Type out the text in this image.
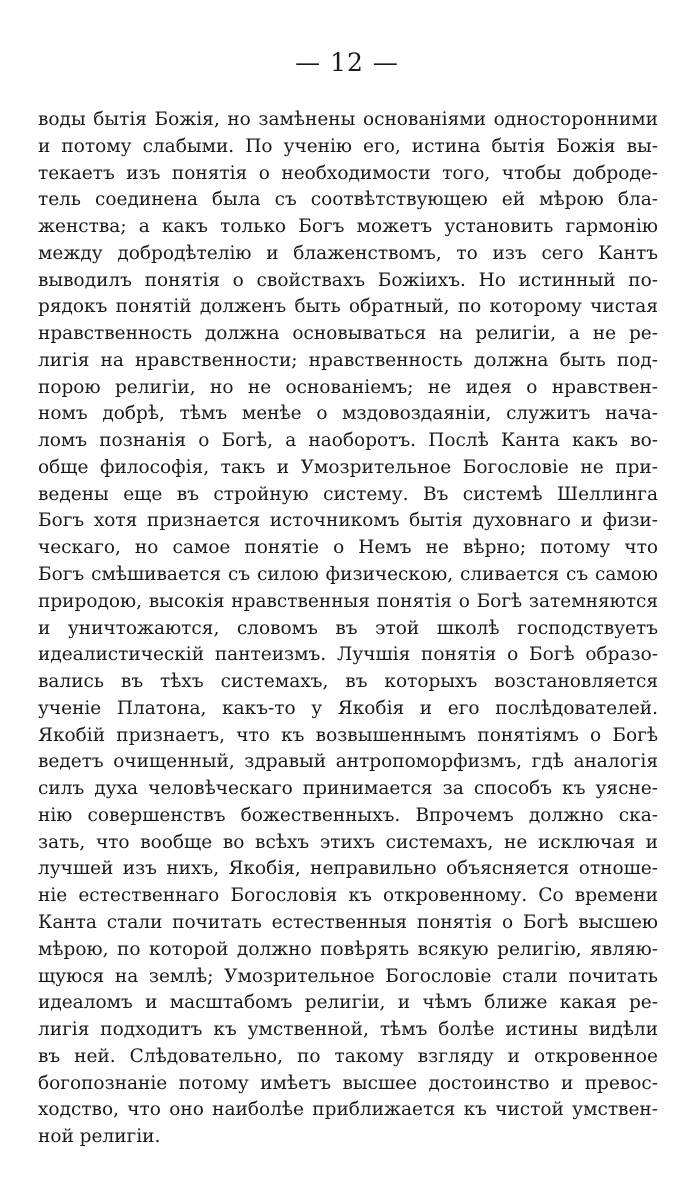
— 12 —
воды бытія Божія, но замѣнены основаніями односторонними
и потому слабыми. По ученію его, истина бытія Божія вы-
текаетъ изъ понятія о необходимости того, чтобы доброде-
тель соединена была съ соотвѣтствующею ей мѣрою бла-
женства; а какъ только Богъ можетъ установить гармонію
между добродѣтелію и блаженствомъ, то изъ сего Кантъ
выводилъ понятія о свойствахъ Божіихъ. Но истинный по-
рядокъ понятій долженъ быть обратный, по которому чистая
нравственность должна основываться на религіи, а не ре-
лигія на нравственности; нравственность должна быть под-
порою религіи, но не основаніемъ; не идея о нравствен-
номъ добрѣ, тѣмъ менѣе о мздовоздаяніи, служитъ нача-
ломъ познанія о Богѣ, а наоборотъ. Послѣ Канта какъ во-
обще философія, такъ и Умозрительное Богословіе не при-
ведены еще въ стройную систему. Въ системѣ Шеллинга
Богъ хотя признается источникомъ бытія духовнаго и физи-
ческаго, но самое понятіе о Немъ не вѣрно; потому что
Богъ смѣшивается съ силою физическою, сливается съ самою
природою, высокія нравственныя понятія о Богѣ затемняются
и уничтожаются, словомъ въ этой школѣ господствуетъ
идеалистическій пантеизмъ. Лучшія понятія о Богѣ образо-
вались въ тѣхъ системахъ, въ которыхъ возстановляется
ученіе Платона, какъ-то у Якобія и его послѣдователей.
Якобій признаетъ, что къ возвышеннымъ понятіямъ о Богѣ
ведетъ очищенный, здравый антропоморфизмъ, гдѣ аналогія
силъ духа человѣческаго принимается за способъ къ уясне-
нію совершенствъ божественныхъ. Впрочемъ должно ска-
зать, что вообще во всѣхъ этихъ системахъ, не исключая и
лучшей изъ нихъ, Якобія, неправильно объясняется отноше-
ніе естественнаго Богословія къ откровенному. Со времени
Канта стали почитать естественныя понятія о Богѣ высшею
мѣрою, по которой должно повѣрять всякую религію, являю-
щуюся на землѣ; Умозрительное Богословіе стали почитать
идеаломъ и масштабомъ религіи, и чѣмъ ближе какая ре-
лигія подходитъ къ умственной, тѣмъ болѣе истины видѣли
въ ней. Слѣдовательно, по такому взгляду и откровенное
богопознаніе потому имѣетъ высшее достоинство и превос-
ходство, что оно наиболѣе приближается къ чистой умствен-
ной религіи.
